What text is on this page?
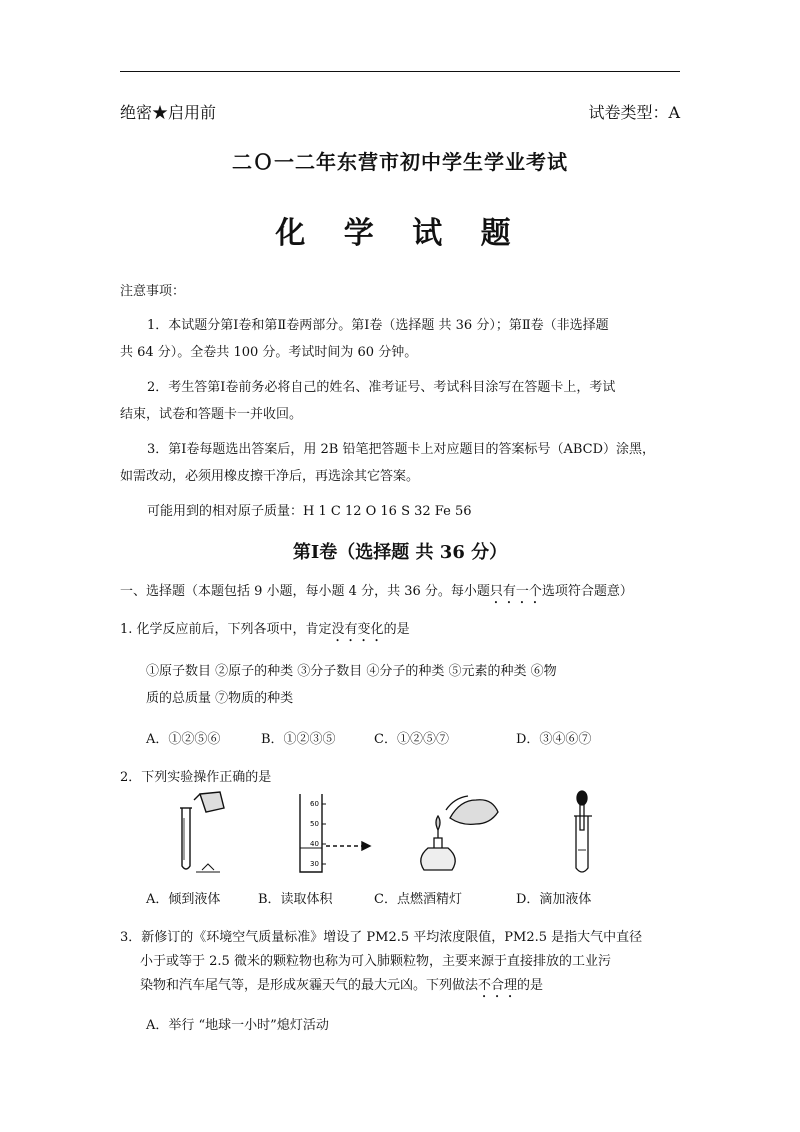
绝密★启用前	试卷类型：A
二Ｏ一二年东营市初中学生学业考试
化 学 试 题
注意事项：
1．本试题分第Ⅰ卷和第Ⅱ卷两部分。第Ⅰ卷（选择题 共 36 分）；第Ⅱ卷（非选择题
共 64 分）。全卷共 100 分。考试时间为 60 分钟。
2．考生答第Ⅰ卷前务必将自己的姓名、准考证号、考试科目涂写在答题卡上，考试
结束，试卷和答题卡一并收回。
3．第Ⅰ卷每题选出答案后，用 2B 铅笔把答题卡上对应题目的答案标号（ABCD）涂黑，
如需改动，必须用橡皮擦干净后，再选涂其它答案。
可能用到的相对原子质量：H 1 C 12 O 16 S 32 Fe 56
第Ⅰ卷（选择题 共 36 分）
一、选择题（本题包括 9 小题，每小题 4 分，共 36 分。每小题只有一个选项符合题意）
1. 化学反应前后，下列各项中，肯定没有变化的是
①原子数目 ②原子的种类 ③分子数目 ④分子的种类 ⑤元素的种类 ⑥物
质的总质量 ⑦物质的种类
A．①②⑤⑥	B．①②③⑤	C．①②⑤⑦	D．③④⑥⑦
2．下列实验操作正确的是
60
50
40
30
A．倾到液体	B．读取体积	C．点燃酒精灯	D．滴加液体
3．新修订的《环境空气质量标准》增设了 PM2.5 平均浓度限值，PM2.5 是指大气中直径
小于或等于 2.5 微米的颗粒物也称为可入肺颗粒物，主要来源于直接排放的工业污
染物和汽车尾气等，是形成灰霾天气的最大元凶。下列做法不合理的是
A．举行 “地球一小时”熄灯活动
